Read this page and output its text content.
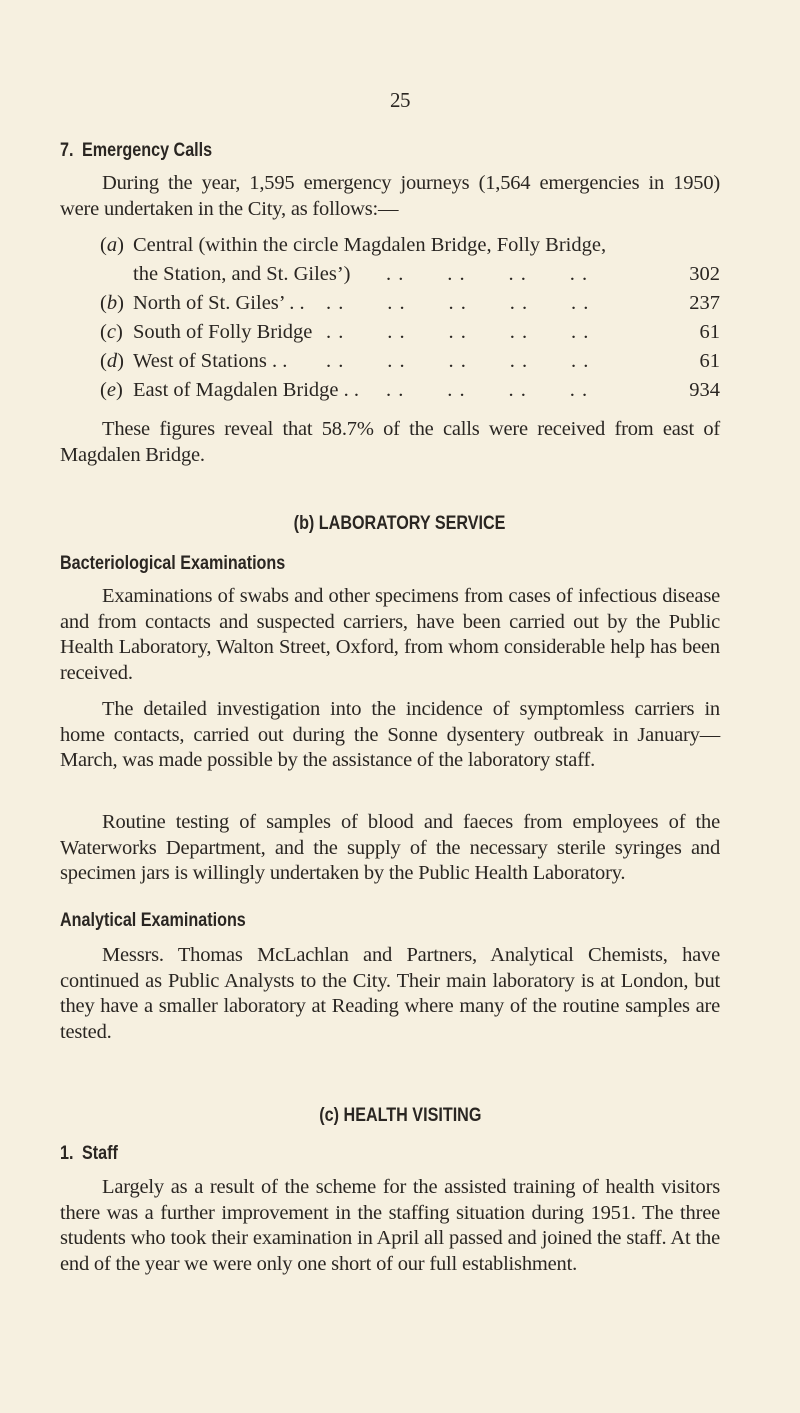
25
7. Emergency Calls
During the year, 1,595 emergency journeys (1,564 emergencies in 1950) were undertaken in the City, as follows:—
(a) Central (within the circle Magdalen Bridge, Folly Bridge,
the Station, and St. Giles’) . .       . .       . .       . .	302
(b) North of St. Giles’ . . . .       . .       . .       . .       . .	237
(c) South of Folly Bridge . .       . .       . .       . .       . .	61
(d) West of Stations . . . .       . .       . .       . .       . .	61
(e) East of Magdalen Bridge . . . .       . .       . .       . .	934
These figures reveal that 58.7% of the calls were received from east of Magdalen Bridge.
(b) LABORATORY SERVICE
Bacteriological Examinations
Examinations of swabs and other specimens from cases of infectious disease and from contacts and suspected carriers, have been carried out by the Public Health Laboratory, Walton Street, Oxford, from whom considerable help has been received.
The detailed investigation into the incidence of symptomless carriers in home contacts, carried out during the Sonne dysentery outbreak in January—March, was made possible by the assistance of the laboratory staff.
Routine testing of samples of blood and faeces from employees of the Waterworks Department, and the supply of the necessary sterile syringes and specimen jars is willingly undertaken by the Public Health Laboratory.
Analytical Examinations
Messrs. Thomas McLachlan and Partners, Analytical Chemists, have continued as Public Analysts to the City. Their main laboratory is at London, but they have a smaller laboratory at Reading where many of the routine samples are tested.
(c) HEALTH VISITING
1. Staff
Largely as a result of the scheme for the assisted training of health visitors there was a further improvement in the staffing situation during 1951. The three students who took their examination in April all passed and joined the staff. At the end of the year we were only one short of our full establishment.
